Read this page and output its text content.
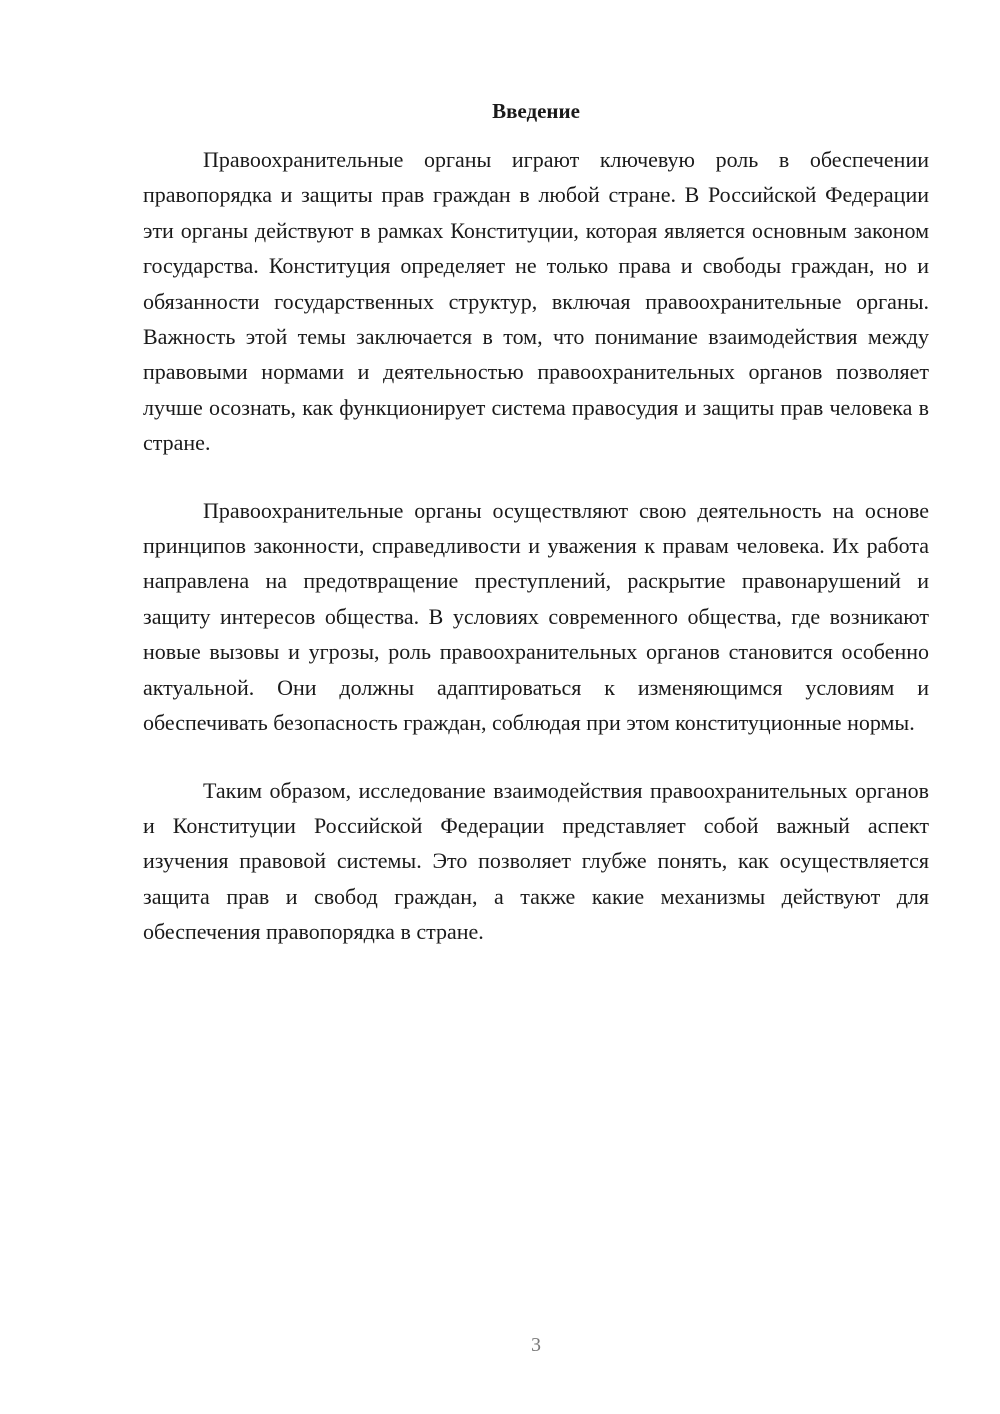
Введение

Правоохранительные органы играют ключевую роль в обеспечении правопорядка и защиты прав граждан в любой стране. В Российской Федерации эти органы действуют в рамках Конституции, которая является основным законом государства. Конституция определяет не только права и свободы граждан, но и обязанности государственных структур, включая правоохранительные органы. Важность этой темы заключается в том, что понимание взаимодействия между правовыми нормами и деятельностью правоохранительных органов позволяет лучше осознать, как функционирует система правосудия и защиты прав человека в стране.

Правоохранительные органы осуществляют свою деятельность на основе принципов законности, справедливости и уважения к правам человека. Их работа направлена на предотвращение преступлений, раскрытие правонарушений и защиту интересов общества. В условиях современного общества, где возникают новые вызовы и угрозы, роль правоохранительных органов становится особенно актуальной. Они должны адаптироваться к изменяющимся условиям и обеспечивать безопасность граждан, соблюдая при этом конституционные нормы.

Таким образом, исследование взаимодействия правоохранительных органов и Конституции Российской Федерации представляет собой важный аспект изучения правовой системы. Это позволяет глубже понять, как осуществляется защита прав и свобод граждан, а также какие механизмы действуют для обеспечения правопорядка в стране.

3
